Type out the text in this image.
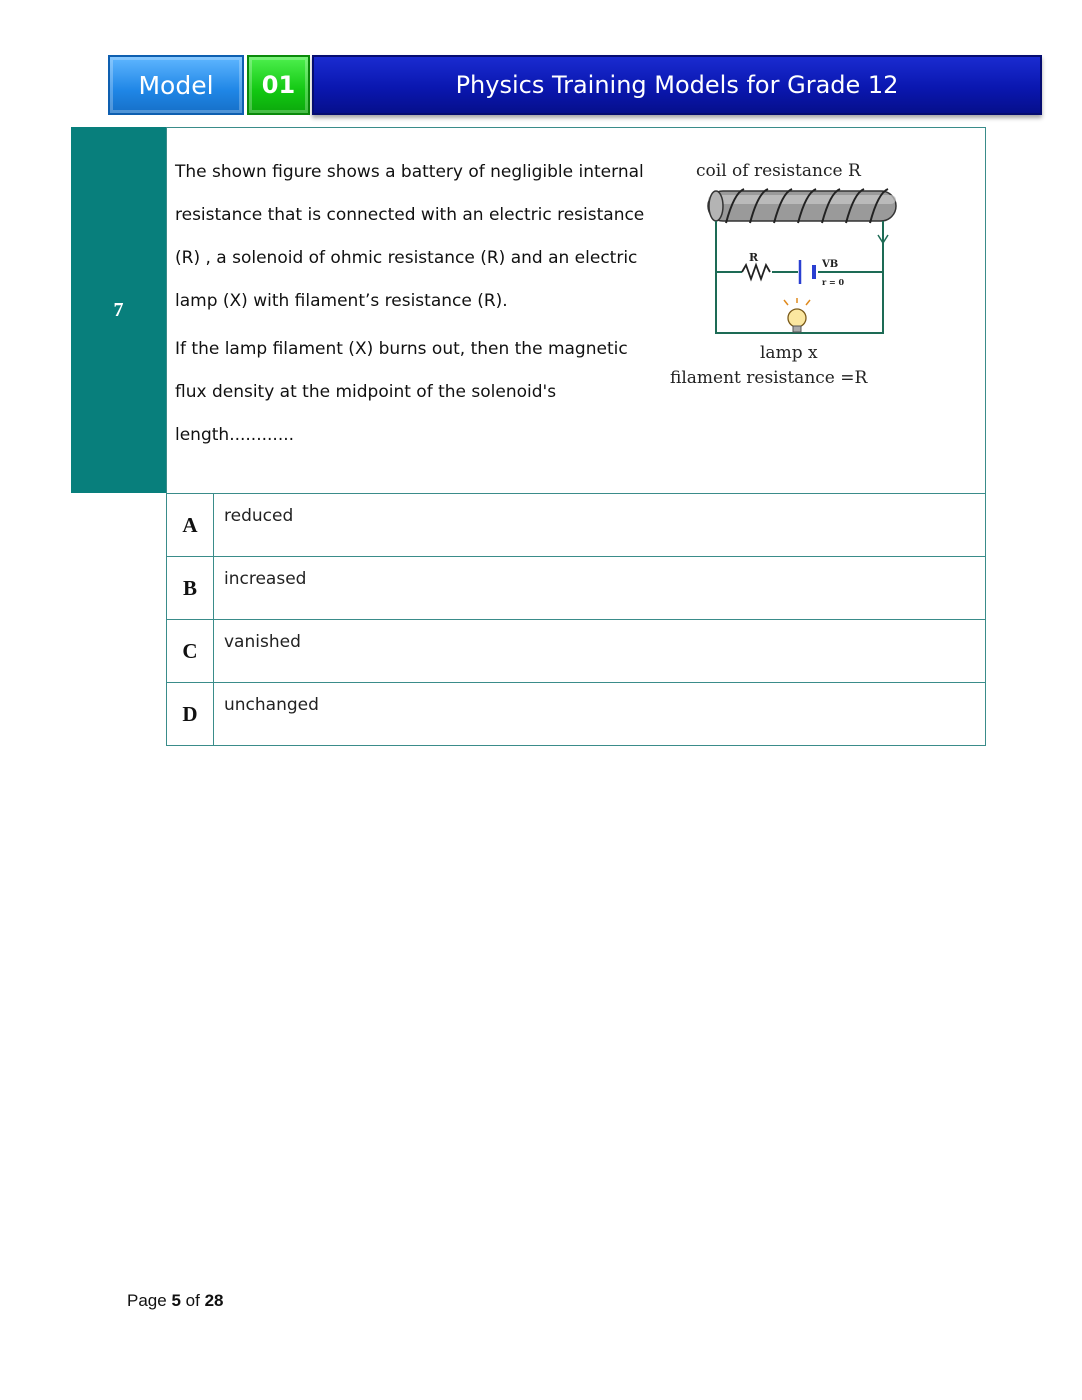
Model	01	Physics Training Models for Grade 12
7

The shown figure shows a battery of negligible internal resistance that is connected with an electric resistance (R) , a solenoid of ohmic resistance (R) and an electric lamp (X) with filament’s resistance (R).

If the lamp filament (X) burns out, then the magnetic flux density at the midpoint of the solenoid's length............

coil of resistance R
R
VB
r = 0
lamp x
filament resistance =R
A	reduced
B	increased
C	vanished
D	unchanged
Page 5 of 28
